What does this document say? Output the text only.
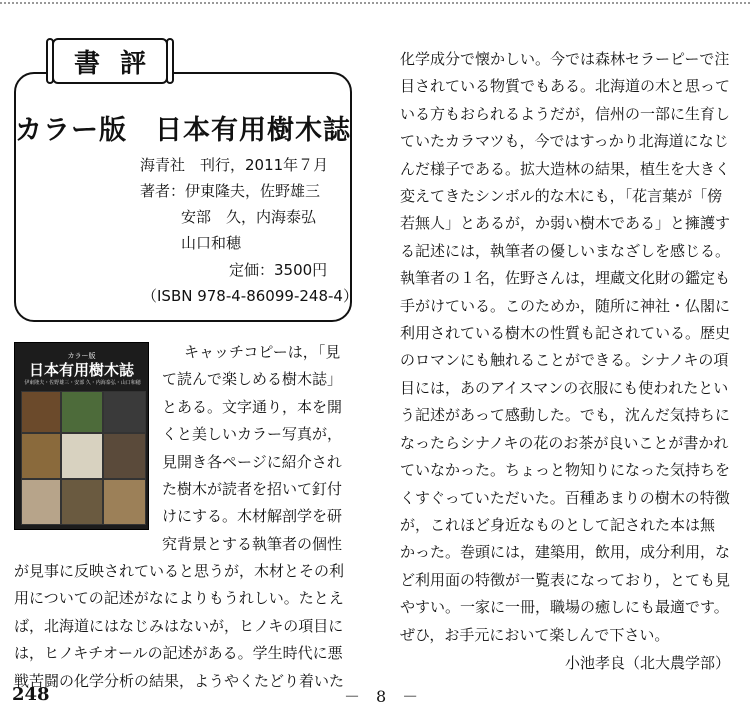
書評
カラー版　日本有用樹木誌
海青社　刊行，2011年７月
著者：伊東隆夫，佐野雄三
安部　久，内海泰弘
山口和穂
定価：3500円
（ISBN 978-4-86099-248-4）
カラー版
日本有用樹木誌
伊東隆夫・佐野雄三・安部 久・内海泰弘・山口和穂

キャッチコピーは，「見

て読んで楽しめる樹木誌」

とある。文字通り，本を開

くと美しいカラー写真が，

見開き各ページに紹介され

た樹木が読者を招いて釘付

けにする。木材解剖学を研

究背景とする執筆者の個性

が見事に反映されていると思うが，木材とその利

用についての記述がなによりもうれしい。たとえ

ば，北海道にはなじみはないが，ヒノキの項目に

は，ヒノキチオールの記述がある。学生時代に悪

戦苦闘の化学分析の結果，ようやくたどり着いた

化学成分で懐かしい。今では森林セラーピーで注

目されている物質でもある。北海道の木と思って

いる方もおられるようだが，信州の一部に生育し

ていたカラマツも，今ではすっかり北海道になじ

んだ様子である。拡大造林の結果，植生を大きく

変えてきたシンボル的な木にも，「花言葉が「傍

若無人」とあるが，か弱い樹木である」と擁護す

る記述には，執筆者の優しいまなざしを感じる。

執筆者の１名，佐野さんは，埋蔵文化財の鑑定も

手がけている。このためか，随所に神社・仏閣に

利用されている樹木の性質も記されている。歴史

のロマンにも触れることができる。シナノキの項

目には，あのアイスマンの衣服にも使われたとい

う記述があって感動した。でも，沈んだ気持ちに

なったらシナノキの花のお茶が良いことが書かれ

ていなかった。ちょっと物知りになった気持ちを

くすぐっていただいた。百種あまりの樹木の特徴

が，これほど身近なものとして記された本は無

かった。巻頭には，建築用，飲用，成分利用，な

ど利用面の特徴が一覧表になっており，とても見

やすい。一家に一冊，職場の癒しにも最適です。

ぜひ，お手元において楽しんで下さい。

小池孝良（北大農学部）
248	－　8　－
